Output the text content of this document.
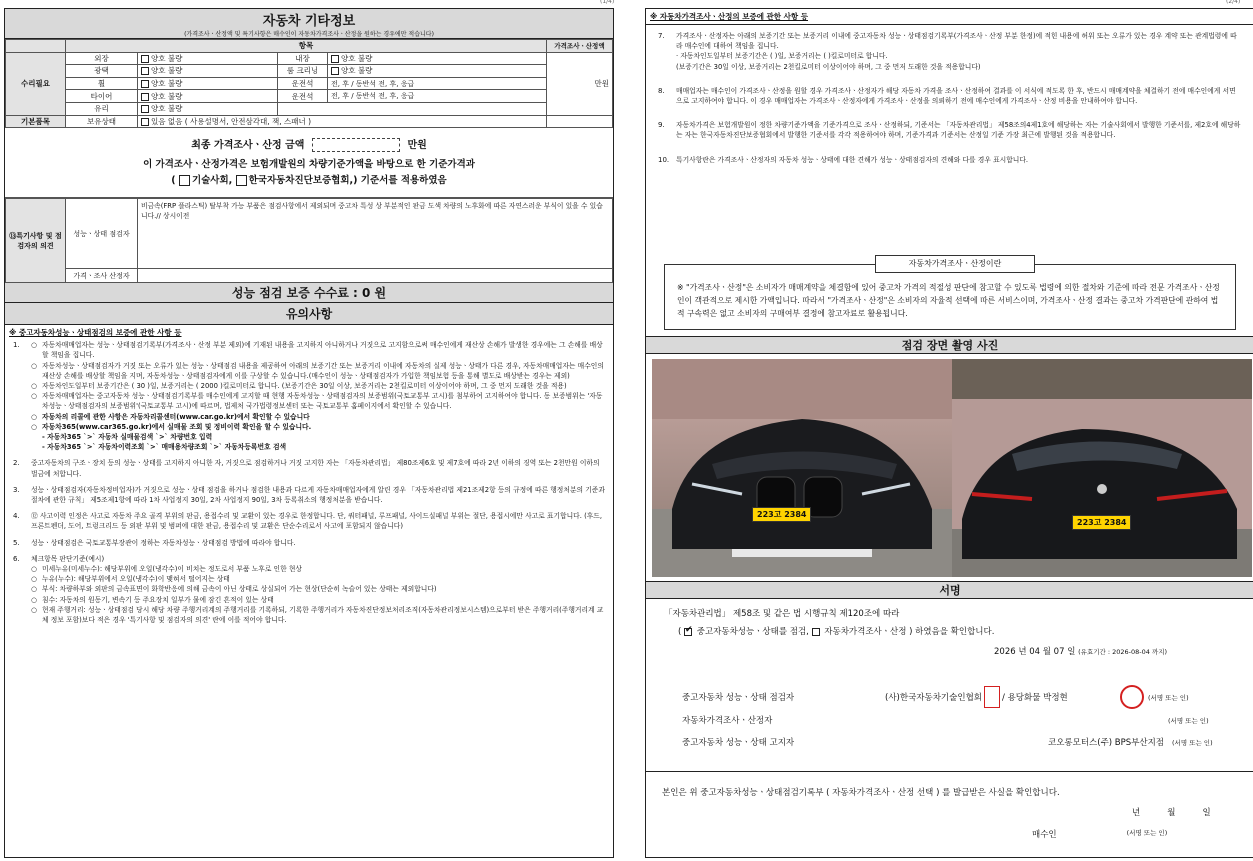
자동차 기타정보
(가격조사ㆍ산정액 및 특기사항은 매수인이 자동차가격조사ㆍ산정을 원하는 경우에만 적습니다)
	항목				가격조사ㆍ산정액
수리필요	외장	양호 불량	내장	양호 불량	만원
	광택	양호 불량	룸 크리닝	양호 불량	
	휠	양호 불량	운전석	전, 후 / 동반석 전, 후, 응급	
	타이어	양호 불량	운전석	전, 후 / 동반석 전, 후, 응급	
	유리	양호 불량			
기본품목	보유상태	있음 없음 ( 사용설명서, 안전삼각대, 잭, 스패너 )			
최종 가격조사ㆍ산정 금액	만원
이 가격조사ㆍ산정가격은 보험개발원의 차량기준가액을 바탕으로 한 기준가격과
( 기술사회, 한국자동차진단보증협회,) 기준서를 적용하였음
⑬특기사항 및 점검자의 의견	성능ㆍ상태 점검자	비금속(FRP 플라스틱) 탈부착 가능 부품은 점검사항에서 제외되며 중고차 특성 상 부분적인 판금 도색 차량의 노후화에 따른 자연스러운 부식이 있을 수 있습니다.// 상시이전
	가격ㆍ조사 산정자	
성능 점검 보증 수수료 : 0 원
유의사항
※ 중고자동차성능ㆍ상태점검의 보증에 관한 사항 등
1.	○ 자동차매매업자는 성능ㆍ상태점검기록부(가격조사ㆍ산정 부분 제외)에 기재된 내용을 고지하지 아니하거나 거짓으로 고지함으로써 매수인에게 재산상 손해가 발생한 경우에는 그 손해를 배상할 책임을 집니다.
○ 자동차성능ㆍ상태점검자가 거짓 또는 오류가 있는 성능ㆍ상태점검 내용을 제공하여 아래의 보증기간 또는 보증거리 이내에 자동차의 실제 성능ㆍ상태가 다른 경우, 자동차매매업자는 매수인의 재산상 손해를 배상할 책임을 지며, 자동차성능ㆍ상태점검자에게 이를 구상할 수 있습니다.(매수인이 성능ㆍ상태점검자가 가입한 책임보험 등을 통해 별도로 배상받는 경우는 제외)
○ 자동차인도일부터 보증기간은 ( 30 )일, 보증거리는 ( 2000 )킬로미터로 합니다. (보증기간은 30일 이상, 보증거리는 2천킬로미터 이상이어야 하며, 그 중 먼저 도래한 것을 적용)
○ 자동차매매업자는 중고자동차 성능ㆍ상태점검기록부를 매수인에게 고지할 때 현행 자동차성능ㆍ상태점검자의 보증범위(국토교통부 고시)를 첨부하여 고지하여야 합니다. 동 보증범위는 '자동차성능ㆍ상태점검자의 보증범위'(국토교통부 고시)에 따르며, 법제처 국가법령정보센터 또는 국토교통부 홈페이지에서 확인할 수 있습니다.
○ 자동차의 리콜에 관한 사항은 자동차리콜센터(www.car.go.kr)에서 확인할 수 있습니다
○ 자동차365(www.car365.go.kr)에서 실매물 조회 및 정비이력 확인을 할 수 있습니다.
- 자동차365 `>` 자동차 실매물검색 `>` 차량번호 입력
- 자동차365 `>` 자동차이력조회 `>` 매매용차량조회 `>` 자동차등록번호 검색
2.	중고자동차의 구조ㆍ장치 등의 성능ㆍ상태를 고지하지 아니한 자, 거짓으로 점검하거나 거짓 고지한 자는 「자동차관리법」 제80조제6호 및 제7호에 따라 2년 이하의 징역 또는 2천만원 이하의 벌금에 처합니다.
3.	성능ㆍ상태점검자(자동차정비업자)가 거짓으로 성능ㆍ상태 점검을 하거나 점검한 내용과 다르게 자동차매매업자에게 알린 경우 「자동차관리법 제21조제2항 등의 규정에 따른 행정처분의 기준과 절차에 관한 규칙」 제5조제1항에 따라 1차 사업정지 30일, 2차 사업정지 90일, 3차 등록취소의 행정처분을 받습니다.
4.	⑫ 사고이력 인정은 사고로 자동차 주요 골격 부위의 판금, 용접수리 및 교환이 있는 경우로 한정합니다. 단, 쿼터패널, 루프패널, 사이드실패널 부위는 절단, 용접시에만 사고로 표기합니다. (후드, 프론트펜더, 도어, 트렁크리드 등 외판 부위 및 범퍼에 대한 판금, 용접수리 및 교환은 단순수리로서 사고에 포함되지 않습니다)
5.	성능ㆍ상태점검은 국토교통부장관이 정하는 자동차성능ㆍ상태점검 방법에 따라야 합니다.
6.	체크항목 판단기준(예시)
○ 미세누유(미세누수): 해당부위에 오일(냉각수)이 비치는 정도로서 부품 노후로 인한 현상
○ 누유(누수): 해당부위에서 오일(냉각수)이 맺혀서 떨어지는 상태
○ 부식: 차량하부와 외판의 금속표면이 화학반응에 의해 금속이 아닌 상태로 상실되어 가는 현상(단순히 녹슬어 있는 상태는 제외합니다)
○ 침수: 자동차의 원동기, 변속기 등 주요장치 일부가 물에 잠긴 흔적이 있는 상태
○ 현재 주행거리: 성능ㆍ상태점검 당시 해당 차량 주행거리계의 주행거리를 기록하되, 기록한 주행거리가 자동차진단정보처리조직(자동차관리정보시스템)으로부터 받은 주행거리(주행거리계 교체 정보 포함)보다 적은 경우 '특기사항 및 점검자의 의견' 란에 이를 적어야 합니다.
※ 자동차가격조사ㆍ산정의 보증에 관한 사항 등
7.	가격조사ㆍ산정자는 아래의 보증기간 또는 보증거리 이내에 중고자동차 성능ㆍ상태점검기록부(가격조사ㆍ산정 부분 한정)에 적힌 내용에 허위 또는 오류가 있는 경우 계약 또는 관계법령에 따라 매수인에 대하여 책임을 집니다.
· 자동차인도일부터 보증기간은 ( )일, 보증거리는 ( )킬로미터로 합니다.
(보증기간은 30일 이상, 보증거리는 2천킬로미터 이상이어야 하며, 그 중 먼저 도래한 것을 적용합니다)
8.	매매업자는 매수인이 가격조사ㆍ산정을 원할 경우 가격조사ㆍ산정자가 해당 자동차 가격을 조사ㆍ산정하여 결과를 이 서식에 적도록 한 후, 반드시 매매계약을 체결하기 전에 매수인에게 서면으로 고지하여야 합니다. 이 경우 매매업자는 가격조사ㆍ산정자에게 가격조사ㆍ산정을 의뢰하기 전에 매수인에게 가격조사ㆍ산정 비용을 안내하여야 합니다.
9.	자동차가격은 보험개발원이 정한 차량기준가액을 기준가격으로 조사ㆍ산정하되, 기준서는 「자동차관리법」 제58조의4제1호에 해당하는 자는 기술사회에서 발행한 기준서를, 제2호에 해당하는 자는 한국자동차진단보증협회에서 발행한 기준서를 각각 적용하여야 하며, 기준가격과 기준서는 산정일 기준 가장 최근에 발행된 것을 적용합니다.
10.	특기사항란은 가격조사ㆍ산정자의 자동차 성능ㆍ상태에 대한 견해가 성능ㆍ상태점검자의 견해와 다를 경우 표시합니다.
자동차가격조사ㆍ산정이란
※ "가격조사ㆍ산정"은 소비자가 매매계약을 체결함에 있어 중고차 가격의 적절성 판단에 참고할 수 있도록 법령에 의한 절차와 기준에 따라 전문 가격조사ㆍ산정인이 객관적으로 제시한 가액입니다. 따라서 "가격조사ㆍ산정"은 소비자의 자율적 선택에 따른 서비스이며, 가격조사ㆍ산정 결과는 중고차 가격판단에 관하여 법적 구속력은 없고 소비자의 구매여부 결정에 참고자료로 활용됩니다.
점검 장면 촬영 사진
223고 2384
223고 2384
서명
「자동차관리법」 제58조 및 같은 법 시행규칙 제120조에 따라
( ✔ 중고자동차성능ㆍ상태를 점검,  자동차가격조사ㆍ산정 ) 하였음을 확인합니다.
2026 년 04 월 07 일 (유효기간 : 2026-08-04 까지)
중고자동차 성능ㆍ상태 점검자	(사)한국자동차기술인협회 / 용당화물 박정현	(서명 또는 인)
자동차가격조사ㆍ산정자	(서명 또는 인)
중고자동차 성능ㆍ상태 고지자	코오롱모터스(주) BPS부산지점	(서명 또는 인)
본인은 위 중고자동차성능ㆍ상태점검기록부 ( 자동차가격조사ㆍ산정 선택 ) 를 발급받은 사실을 확인합니다.
년          월          일
매수인	(서명 또는 인)
(1/4)	(2/4)
